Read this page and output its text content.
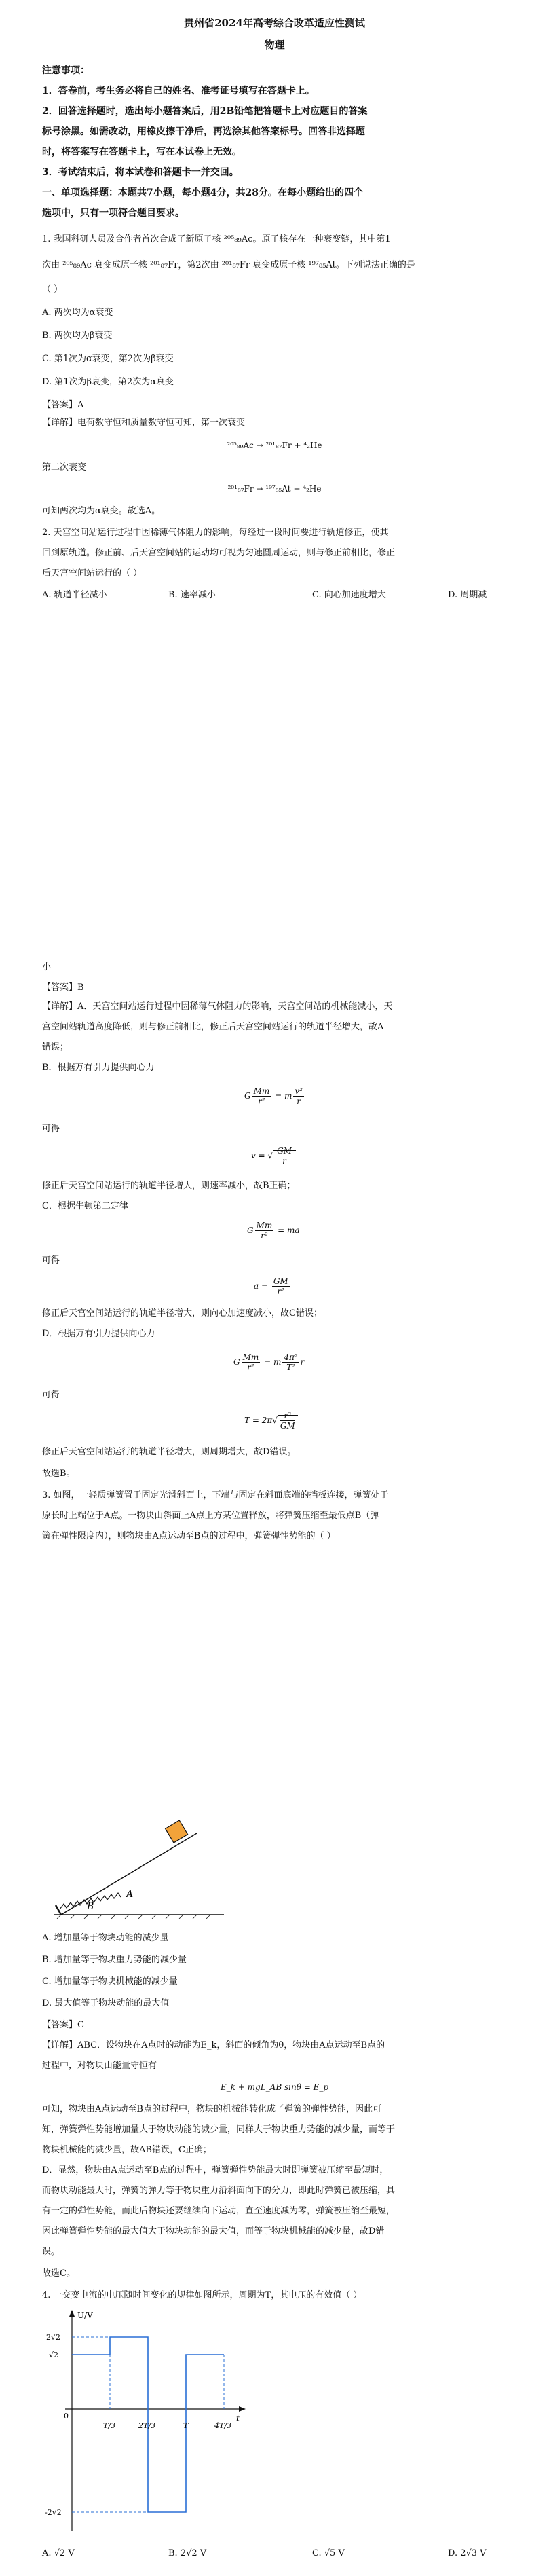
贵州省2024年高考综合改革适应性测试
物理
注意事项：
1．答卷前，考生务必将自己的姓名、准考证号填写在答题卡上。
2．回答选择题时，选出每小题答案后，用2B铅笔把答题卡上对应题目的答案
标号涂黑。如需改动，用橡皮擦干净后，再选涂其他答案标号。回答非选择题
时，将答案写在答题卡上，写在本试卷上无效。
3．考试结束后，将本试卷和答题卡一并交回。
一、单项选择题：本题共7小题，每小题4分，共28分。在每小题给出的四个
选项中，只有一项符合题目要求。
1. 我国科研人员及合作者首次合成了新原子核 ²⁰⁵₈₉Ac。原子核存在一种衰变链，其中第1
次由 ²⁰⁵₈₉Ac 衰变成原子核 ²⁰¹₈₇Fr，第2次由 ²⁰¹₈₇Fr 衰变成原子核 ¹⁹⁷₈₅At。下列说法正确的是
（ ）
A. 两次均为α衰变
B. 两次均为β衰变
C. 第1次为α衰变，第2次为β衰变
D. 第1次为β衰变，第2次为α衰变
【答案】A
【详解】电荷数守恒和质量数守恒可知，第一次衰变
²⁰⁵₈₉Ac → ²⁰¹₈₇Fr + ⁴₂He
第二次衰变
²⁰¹₈₇Fr → ¹⁹⁷₈₅At + ⁴₂He
可知两次均为α衰变。故选A。
2. 天宫空间站运行过程中因稀薄气体阻力的影响，每经过一段时间要进行轨道修正，使其
回到原轨道。修正前、后天宫空间站的运动均可视为匀速圆周运动，则与修正前相比，修正
后天宫空间站运行的（ ）
A. 轨道半径减小	B. 速率减小	C. 向心加速度增大	D. 周期减
小
【答案】B
【详解】A．天宫空间站运行过程中因稀薄气体阻力的影响，天宫空间站的机械能减小，天
宫空间站轨道高度降低，则与修正前相比，修正后天宫空间站运行的轨道半径增大，故A
错误；
B．根据万有引力提供向心力
G $\frac{Mm}{\text{r²}} = m \frac{\text{v²}}{r}$
可得
v = √ $\frac{GM}{r}$
修正后天宫空间站运行的轨道半径增大，则速率减小，故B正确；
C．根据牛顿第二定律
G $\frac{Mm}{\text{r²}}$ = ma
可得
$a = \frac{GM}{\text{r²}}$
修正后天宫空间站运行的轨道半径增大，则向心加速度减小，故C错误；
D．根据万有引力提供向心力
G $\frac{Mm}{\text{r²}} = m \frac{\text{4π²}}{\text{T²}}$ r
可得
$T = 2\pi√ \frac{\text{r³}}{GM}$
修正后天宫空间站运行的轨道半径增大，则周期增大，故D错误。
故选B。
3. 如图，一轻质弹簧置于固定光滑斜面上，下端与固定在斜面底端的挡板连接，弹簧处于
原长时上端位于A点。一物块由斜面上A点上方某位置释放，将弹簧压缩至最低点B（弹
簧在弹性限度内），则物块由A点运动至B点的过程中，弹簧弹性势能的（ ）
A
B
A. 增加量等于物块动能的减少量
B. 增加量等于物块重力势能的减少量
C. 增加量等于物块机械能的减少量
D. 最大值等于物块动能的最大值
【答案】C
【详解】ABC．设物块在A点时的动能为E_k，斜面的倾角为θ，物块由A点运动至B点的
过程中，对物块由能量守恒有
E_k + mgL_AB sinθ = E_p
可知，物块由A点运动至B点的过程中，物块的机械能转化成了弹簧的弹性势能，因此可
知，弹簧弹性势能增加量大于物块动能的减少量，同样大于物块重力势能的减少量，而等于
物块机械能的减少量，故AB错误，C正确；
D．显然，物块由A点运动至B点的过程中，弹簧弹性势能最大时即弹簧被压缩至最短时，
而物块动能最大时，弹簧的弹力等于物块重力沿斜面向下的分力，即此时弹簧已被压缩，具
有一定的弹性势能，而此后物块还要继续向下运动，直至速度减为零，弹簧被压缩至最短，
因此弹簧弹性势能的最大值大于物块动能的最大值，而等于物块机械能的减少量，故D错
误。
故选C。
4. 一交变电流的电压随时间变化的规律如图所示，周期为T，其电压的有效值（ ）
U/V
t
0
√2
2√2
-2√2
T/3	2T/3	T	4T/3
A. √2 V	B. 2√2 V	C. √5 V	D. 2√3 V
